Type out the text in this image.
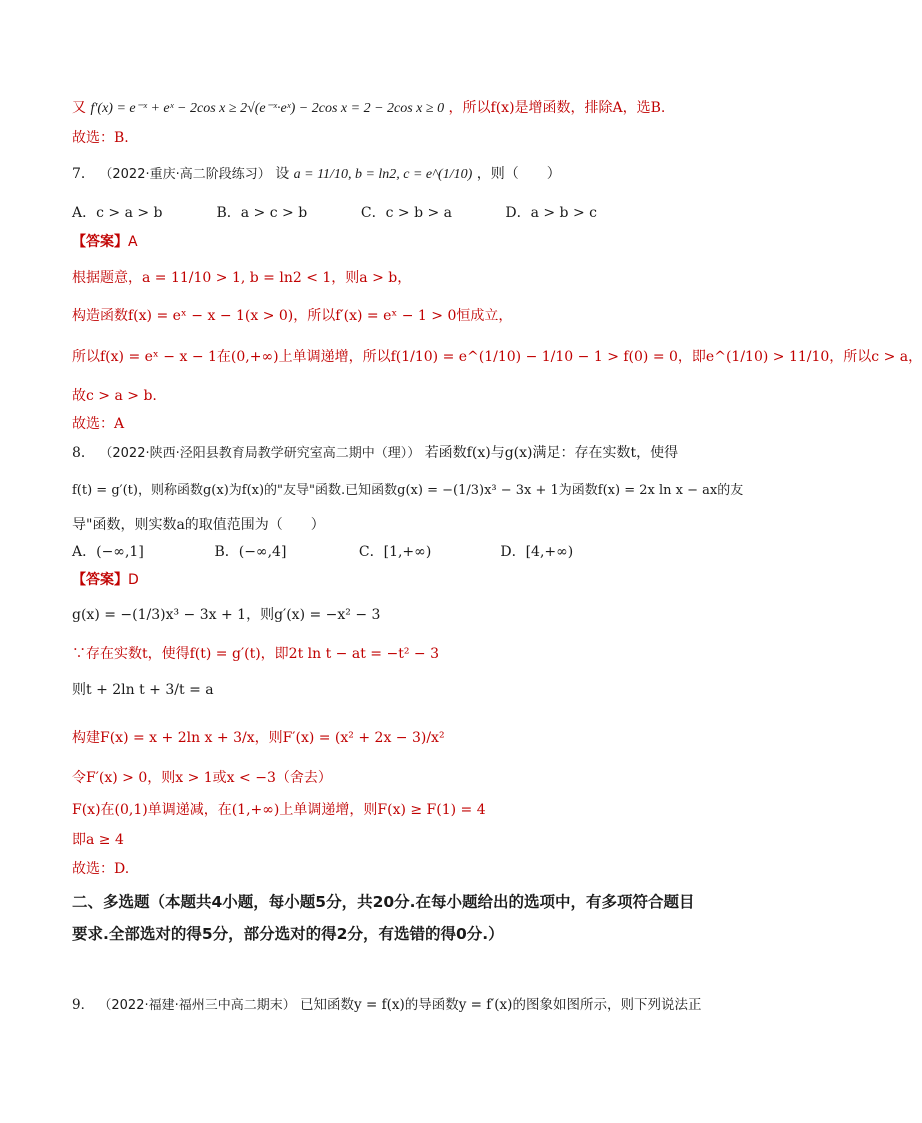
又 f′(x) = e⁻ˣ + eˣ − 2cos x ≥ 2√(e⁻ˣ·eˣ) − 2cos x = 2 − 2cos x ≥ 0 ，所以f(x)是增函数，排除A，选B.
故选：B.
7． （2022·重庆·高二阶段练习） 设 a = 11/10, b = ln2, c = e^(1/10) ，则（　　）
A．c > a > b	B．a > c > b	C．c > b > a	D．a > b > c
【答案】A
根据题意，a = 11/10 > 1, b = ln2 < 1，则a > b，
构造函数f(x) = eˣ − x − 1(x > 0)，所以f′(x) = eˣ − 1 > 0恒成立，
所以f(x) = eˣ − x − 1在(0,+∞)上单调递增，所以f(1/10) = e^(1/10) − 1/10 − 1 > f(0) = 0，即e^(1/10) > 11/10，所以c > a，
故c > a > b.
故选：A
8． （2022·陕西·泾阳县教育局教学研究室高二期中（理）） 若函数f(x)与g(x)满足：存在实数t，使得
f(t) = g′(t)，则称函数g(x)为f(x)的"友导"函数.已知函数g(x) = −(1/3)x³ − 3x + 1为函数f(x) = 2x ln x − ax的友
导"函数，则实数a的取值范围为（　　）
A．(−∞,1]	B．(−∞,4]	C．[1,+∞)	D．[4,+∞)
【答案】D
g(x) = −(1/3)x³ − 3x + 1，则g′(x) = −x² − 3
∵存在实数t，使得f(t) = g′(t)，即2t ln t − at = −t² − 3
则t + 2ln t + 3/t = a
构建F(x) = x + 2ln x + 3/x，则F′(x) = (x² + 2x − 3)/x²
令F′(x) > 0，则x > 1或x < −3（舍去）
F(x)在(0,1)单调递减，在(1,+∞)上单调递增，则F(x) ≥ F(1) = 4
即a ≥ 4
故选：D.
二、多选题（本题共4小题，每小题5分，共20分.在每小题给出的选项中，有多项符合题目
要求.全部选对的得5分，部分选对的得2分，有选错的得0分.）
9． （2022·福建·福州三中高二期末） 已知函数y = f(x)的导函数y = f′(x)的图象如图所示，则下列说法正
